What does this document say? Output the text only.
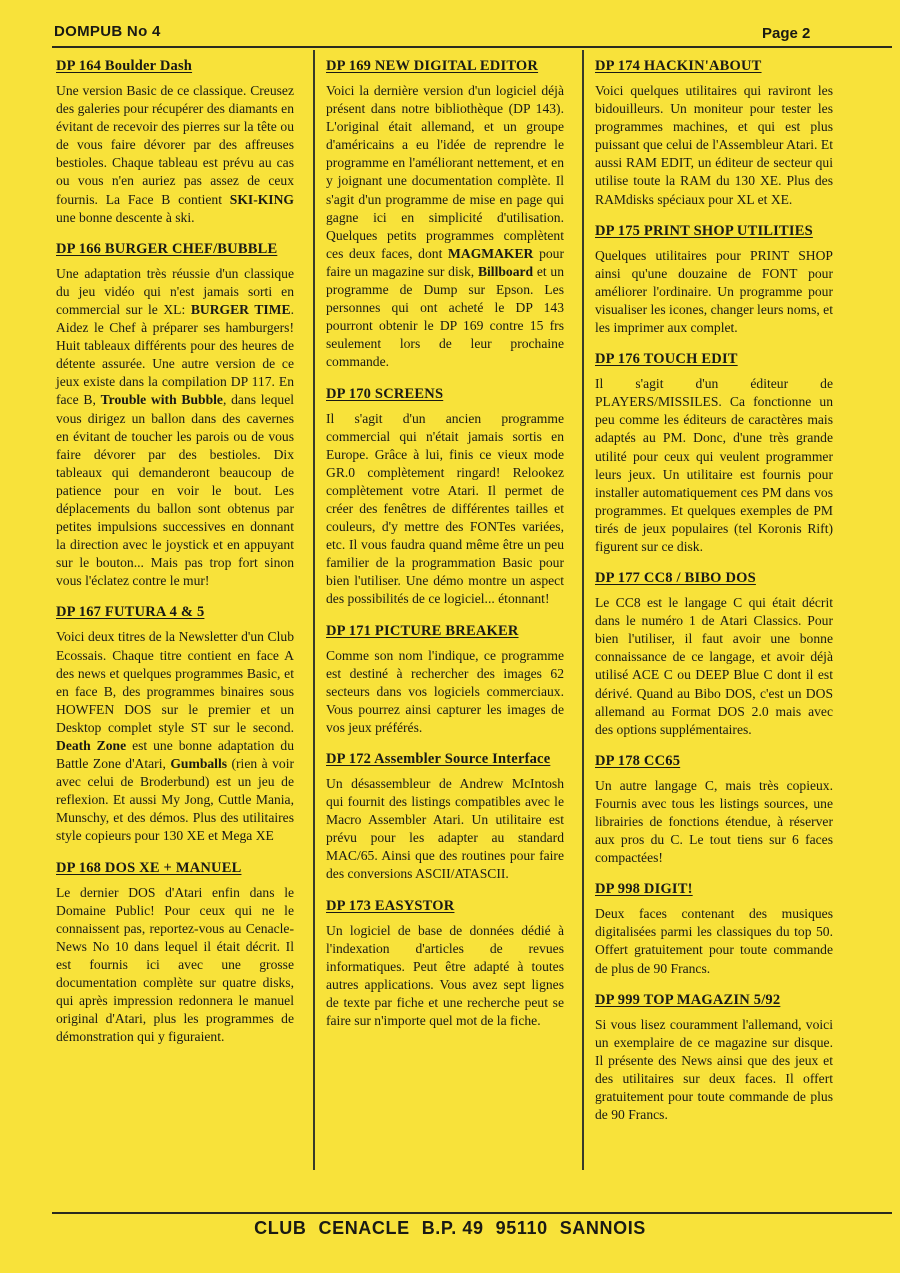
DOMPUB No 4	Page 2
DP 164 Boulder Dash

Une version Basic de ce classique. Creusez des galeries pour récupérer des diamants en évitant de recevoir des pierres sur la tête ou de vous faire dévorer par des affreuses bestioles. Chaque tableau est prévu au cas ou vous n'en auriez pas assez de ceux fournis. La Face B contient SKI-KING une bonne descente à ski.

DP 166 BURGER CHEF/BUBBLE

Une adaptation très réussie d'un classique du jeu vidéo qui n'est jamais sorti en commercial sur le XL: BURGER TIME. Aidez le Chef à préparer ses hamburgers! Huit tableaux différents pour des heures de détente assurée. Une autre version de ce jeux existe dans la compilation DP 117. En face B, Trouble with Bubble, dans lequel vous dirigez un ballon dans des cavernes en évitant de toucher les parois ou de vous faire dévorer par des bestioles. Dix tableaux qui demanderont beaucoup de patience pour en voir le bout. Les déplacements du ballon sont obtenus par petites impulsions successives en donnant la direction avec le joystick et en appuyant sur le bouton... Mais pas trop fort sinon vous l'éclatez contre le mur!

DP 167 FUTURA 4 & 5

Voici deux titres de la Newsletter d'un Club Ecossais. Chaque titre contient en face A des news et quelques programmes Basic, et en face B, des programmes binaires sous HOWFEN DOS sur le premier et un Desktop complet style ST sur le second. Death Zone est une bonne adaptation du Battle Zone d'Atari, Gumballs (rien à voir avec celui de Broderbund) est un jeu de reflexion. Et aussi My Jong, Cuttle Mania, Munschy, et des démos. Plus des utilitaires style copieurs pour 130 XE et Mega XE

DP 168 DOS XE + MANUEL

Le dernier DOS d'Atari enfin dans le Domaine Public! Pour ceux qui ne le connaissent pas, reportez-vous au Cenacle-News No 10 dans lequel il était décrit. Il est fournis ici avec une grosse documentation complète sur quatre disks, qui après impression redonnera le manuel original d'Atari, plus les programmes de démonstration qui y figuraient.

DP 169 NEW DIGITAL EDITOR

Voici la dernière version d'un logiciel déjà présent dans notre bibliothèque (DP 143). L'original était allemand, et un groupe d'américains a eu l'idée de reprendre le programme en l'améliorant nettement, et en y joignant une documentation complète. Il s'agit d'un programme de mise en page qui gagne ici en simplicité d'utilisation. Quelques petits programmes complètent ces deux faces, dont MAGMAKER pour faire un magazine sur disk, Billboard et un programme de Dump sur Epson. Les personnes qui ont acheté le DP 143 pourront obtenir le DP 169 contre 15 frs seulement lors de leur prochaine commande.

DP 170 SCREENS

Il s'agit d'un ancien programme commercial qui n'était jamais sortis en Europe. Grâce à lui, finis ce vieux mode GR.0 complètement ringard! Relookez complètement votre Atari. Il permet de créer des fenêtres de différentes tailles et couleurs, d'y mettre des FONTes variées, etc. Il vous faudra quand même être un peu familier de la programmation Basic pour bien l'utiliser. Une démo montre un aspect des possibilités de ce logiciel... étonnant!

DP 171 PICTURE BREAKER

Comme son nom l'indique, ce programme est destiné à rechercher des images 62 secteurs dans vos logiciels commerciaux. Vous pourrez ainsi capturer les images de vos jeux préférés.

DP 172 Assembler Source Interface

Un désassembleur de Andrew McIntosh qui fournit des listings compatibles avec le Macro Assembler Atari. Un utilitaire est prévu pour les adapter au standard MAC/65. Ainsi que des routines pour faire des conversions ASCII/ATASCII.

DP 173 EASYSTOR

Un logiciel de base de données dédié à l'indexation d'articles de revues informatiques. Peut être adapté à toutes autres applications. Vous avez sept lignes de texte par fiche et une recherche peut se faire sur n'importe quel mot de la fiche.

DP 174 HACKIN'ABOUT

Voici quelques utilitaires qui raviront les bidouilleurs. Un moniteur pour tester les programmes machines, et qui est plus puissant que celui de l'Assembleur Atari. Et aussi RAM EDIT, un éditeur de secteur qui utilise toute la RAM du 130 XE. Plus des RAMdisks spéciaux pour XL et XE.

DP 175 PRINT SHOP UTILITIES

Quelques utilitaires pour PRINT SHOP ainsi qu'une douzaine de FONT pour améliorer l'ordinaire. Un programme pour visualiser les icones, changer leurs noms, et les imprimer aux complet.

DP 176 TOUCH EDIT

Il s'agit d'un éditeur de PLAYERS/MISSILES. Ca fonctionne un peu comme les éditeurs de caractères mais adaptés au PM. Donc, d'une très grande utilité pour ceux qui veulent programmer leurs jeux. Un utilitaire est fournis pour installer automatiquement ces PM dans vos programmes. Et quelques exemples de PM tirés de jeux populaires (tel Koronis Rift) figurent sur ce disk.

DP 177 CC8 / BIBO DOS

Le CC8 est le langage C qui était décrit dans le numéro 1 de Atari Classics. Pour bien l'utiliser, il faut avoir une bonne connaissance de ce langage, et avoir déjà utilisé ACE C ou DEEP Blue C dont il est dérivé. Quand au Bibo DOS, c'est un DOS allemand au Format DOS 2.0 mais avec des options supplémentaires.

DP 178 CC65

Un autre langage C, mais très copieux. Fournis avec tous les listings sources, une librairies de fonctions étendue, à réserver aux pros du C. Le tout tiens sur 6 faces compactées!

DP 998 DIGIT!

Deux faces contenant des musiques digitalisées parmi les classiques du top 50. Offert gratuitement pour toute commande de plus de 90 Francs.

DP 999 TOP MAGAZIN 5/92

Si vous lisez couramment l'allemand, voici un exemplaire de ce magazine sur disque. Il présente des News ainsi que des jeux et des utilitaires sur deux faces. Il offert gratuitement pour toute commande de plus de 90 Francs.

CLUB CENACLE B.P. 49 95110 SANNOIS
